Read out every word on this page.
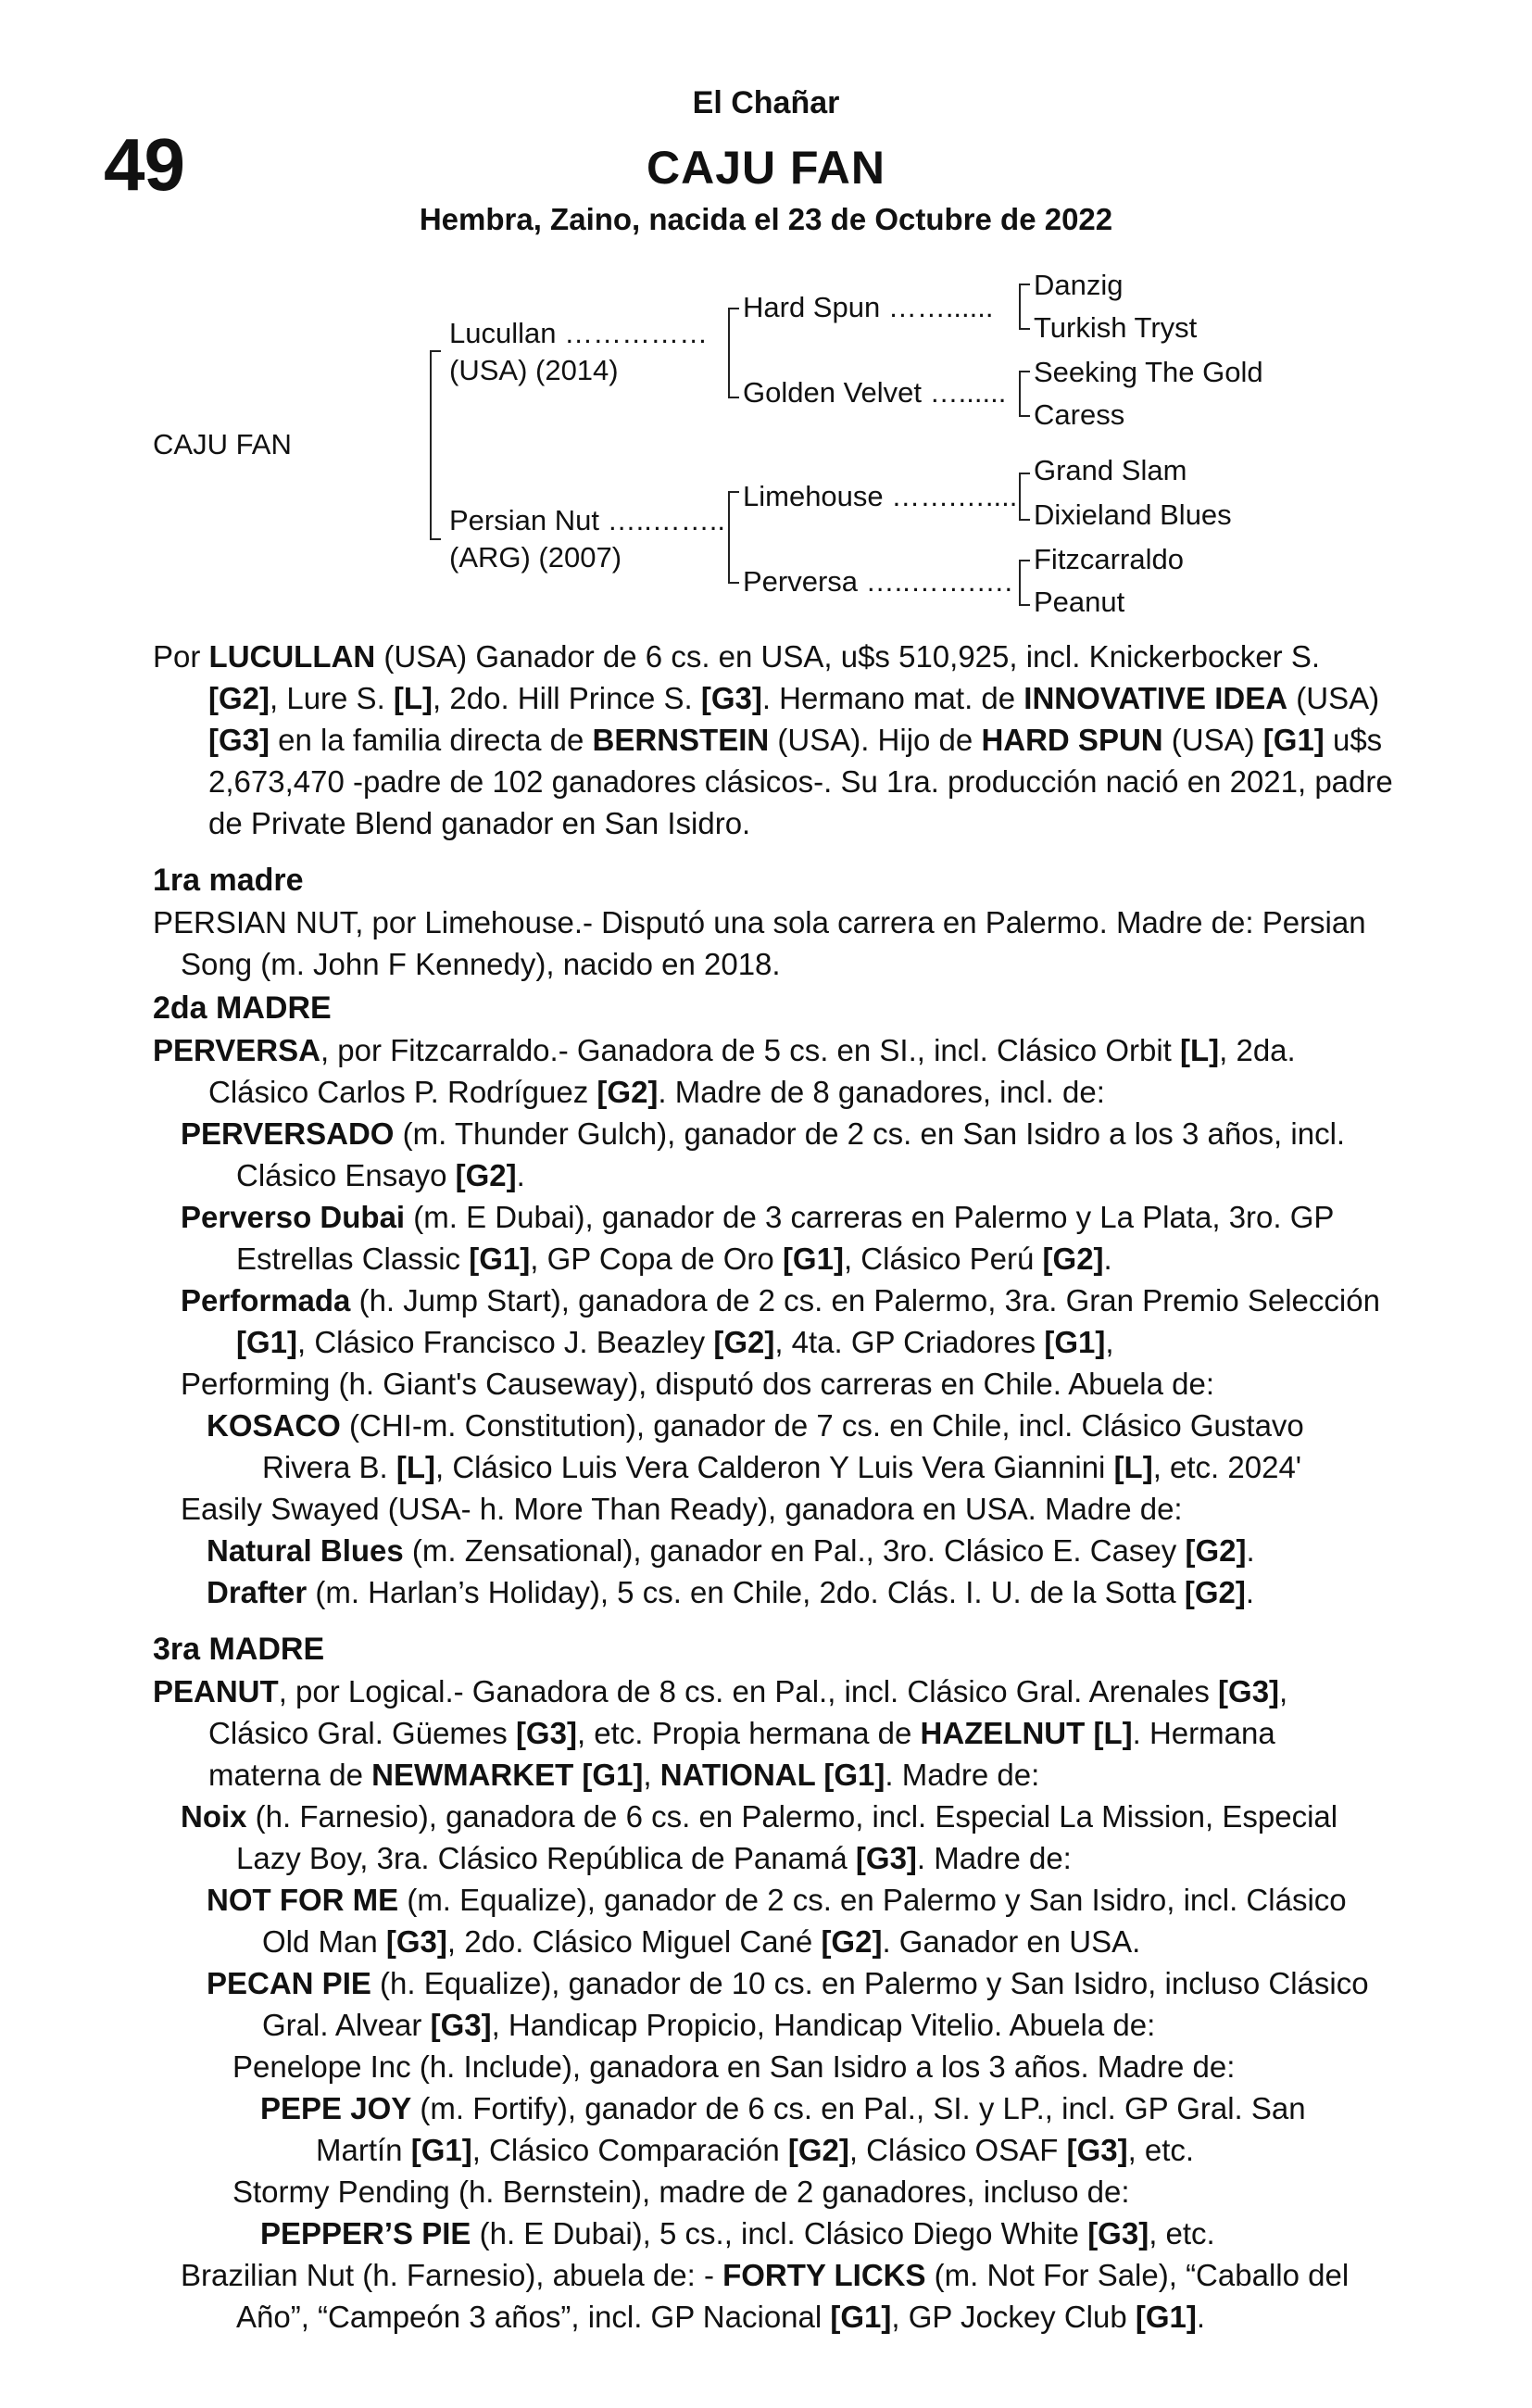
49
El Chañar
CAJU FAN
Hembra, Zaino, nacida el 23 de Octubre de 2022
CAJU FAN
Lucullan ……………
(USA) (2014)
Persian Nut …..……..
(ARG) (2007)
Hard Spun ……......
Golden Velvet …......
Limehouse …….…....
Perversa …..…….….
Danzig
Turkish Tryst
Seeking The Gold
Caress
Grand Slam
Dixieland Blues
Fitzcarraldo
Peanut
Por LUCULLAN (USA) Ganador de 6 cs. en USA, u$s 510,925, incl. Knickerbocker S. [G2], Lure S. [L], 2do. Hill Prince S. [G3]. Hermano mat. de INNOVATIVE IDEA (USA) [G3] en la familia directa de BERNSTEIN (USA). Hijo de HARD SPUN (USA) [G1] u$s 2,673,470 -padre de 102 ganadores clásicos-. Su 1ra. producción nació en 2021, padre de Private Blend ganador en San Isidro.
1ra madre
PERSIAN NUT, por Limehouse.- Disputó una sola carrera en Palermo. Madre de: Persian Song (m. John F Kennedy), nacido en 2018.
2da MADRE
PERVERSA, por Fitzcarraldo.- Ganadora de 5 cs. en SI., incl. Clásico Orbit [L], 2da. Clásico Carlos P. Rodríguez [G2]. Madre de 8 ganadores, incl. de:
PERVERSADO (m. Thunder Gulch), ganador de 2 cs. en San Isidro a los 3 años, incl. Clásico Ensayo [G2].
Perverso Dubai (m. E Dubai), ganador de 3 carreras en Palermo y La Plata, 3ro. GP Estrellas Classic [G1], GP Copa de Oro [G1], Clásico Perú [G2].
Performada (h. Jump Start), ganadora de 2 cs. en Palermo, 3ra. Gran Premio Selección [G1], Clásico Francisco J. Beazley [G2], 4ta. GP Criadores [G1],
Performing (h. Giant's Causeway), disputó dos carreras en Chile. Abuela de:
KOSACO (CHI-m. Constitution), ganador de 7 cs. en Chile, incl. Clásico Gustavo Rivera B. [L], Clásico Luis Vera Calderon Y Luis Vera Giannini [L], etc. 2024'
Easily Swayed (USA- h. More Than Ready), ganadora en USA. Madre de:
Natural Blues (m. Zensational), ganador en Pal., 3ro. Clásico E. Casey [G2].
Drafter (m. Harlan’s Holiday), 5 cs. en Chile, 2do. Clás. I. U. de la Sotta [G2].
3ra MADRE
PEANUT, por Logical.- Ganadora de 8 cs. en Pal., incl. Clásico Gral. Arenales [G3], Clásico Gral. Güemes [G3], etc. Propia hermana de HAZELNUT [L]. Hermana materna de NEWMARKET [G1], NATIONAL [G1]. Madre de:
Noix (h. Farnesio), ganadora de 6 cs. en Palermo, incl. Especial La Mission, Especial Lazy Boy, 3ra. Clásico República de Panamá [G3]. Madre de:
NOT FOR ME (m. Equalize), ganador de 2 cs. en Palermo y San Isidro, incl. Clásico Old Man [G3], 2do. Clásico Miguel Cané [G2]. Ganador en USA.
PECAN PIE (h. Equalize), ganador de 10 cs. en Palermo y San Isidro, incluso Clásico Gral. Alvear [G3], Handicap Propicio, Handicap Vitelio. Abuela de:
Penelope Inc (h. Include), ganadora en San Isidro a los 3 años. Madre de:
PEPE JOY (m. Fortify), ganador de 6 cs. en Pal., SI. y LP., incl. GP Gral. San Martín [G1], Clásico Comparación [G2], Clásico OSAF [G3], etc.
Stormy Pending (h. Bernstein), madre de 2 ganadores, incluso de:
PEPPER’S PIE (h. E Dubai), 5 cs., incl. Clásico Diego White [G3], etc.
Brazilian Nut (h. Farnesio), abuela de: - FORTY LICKS (m. Not For Sale), “Caballo del Año”, “Campeón 3 años”, incl. GP Nacional [G1], GP Jockey Club [G1].
